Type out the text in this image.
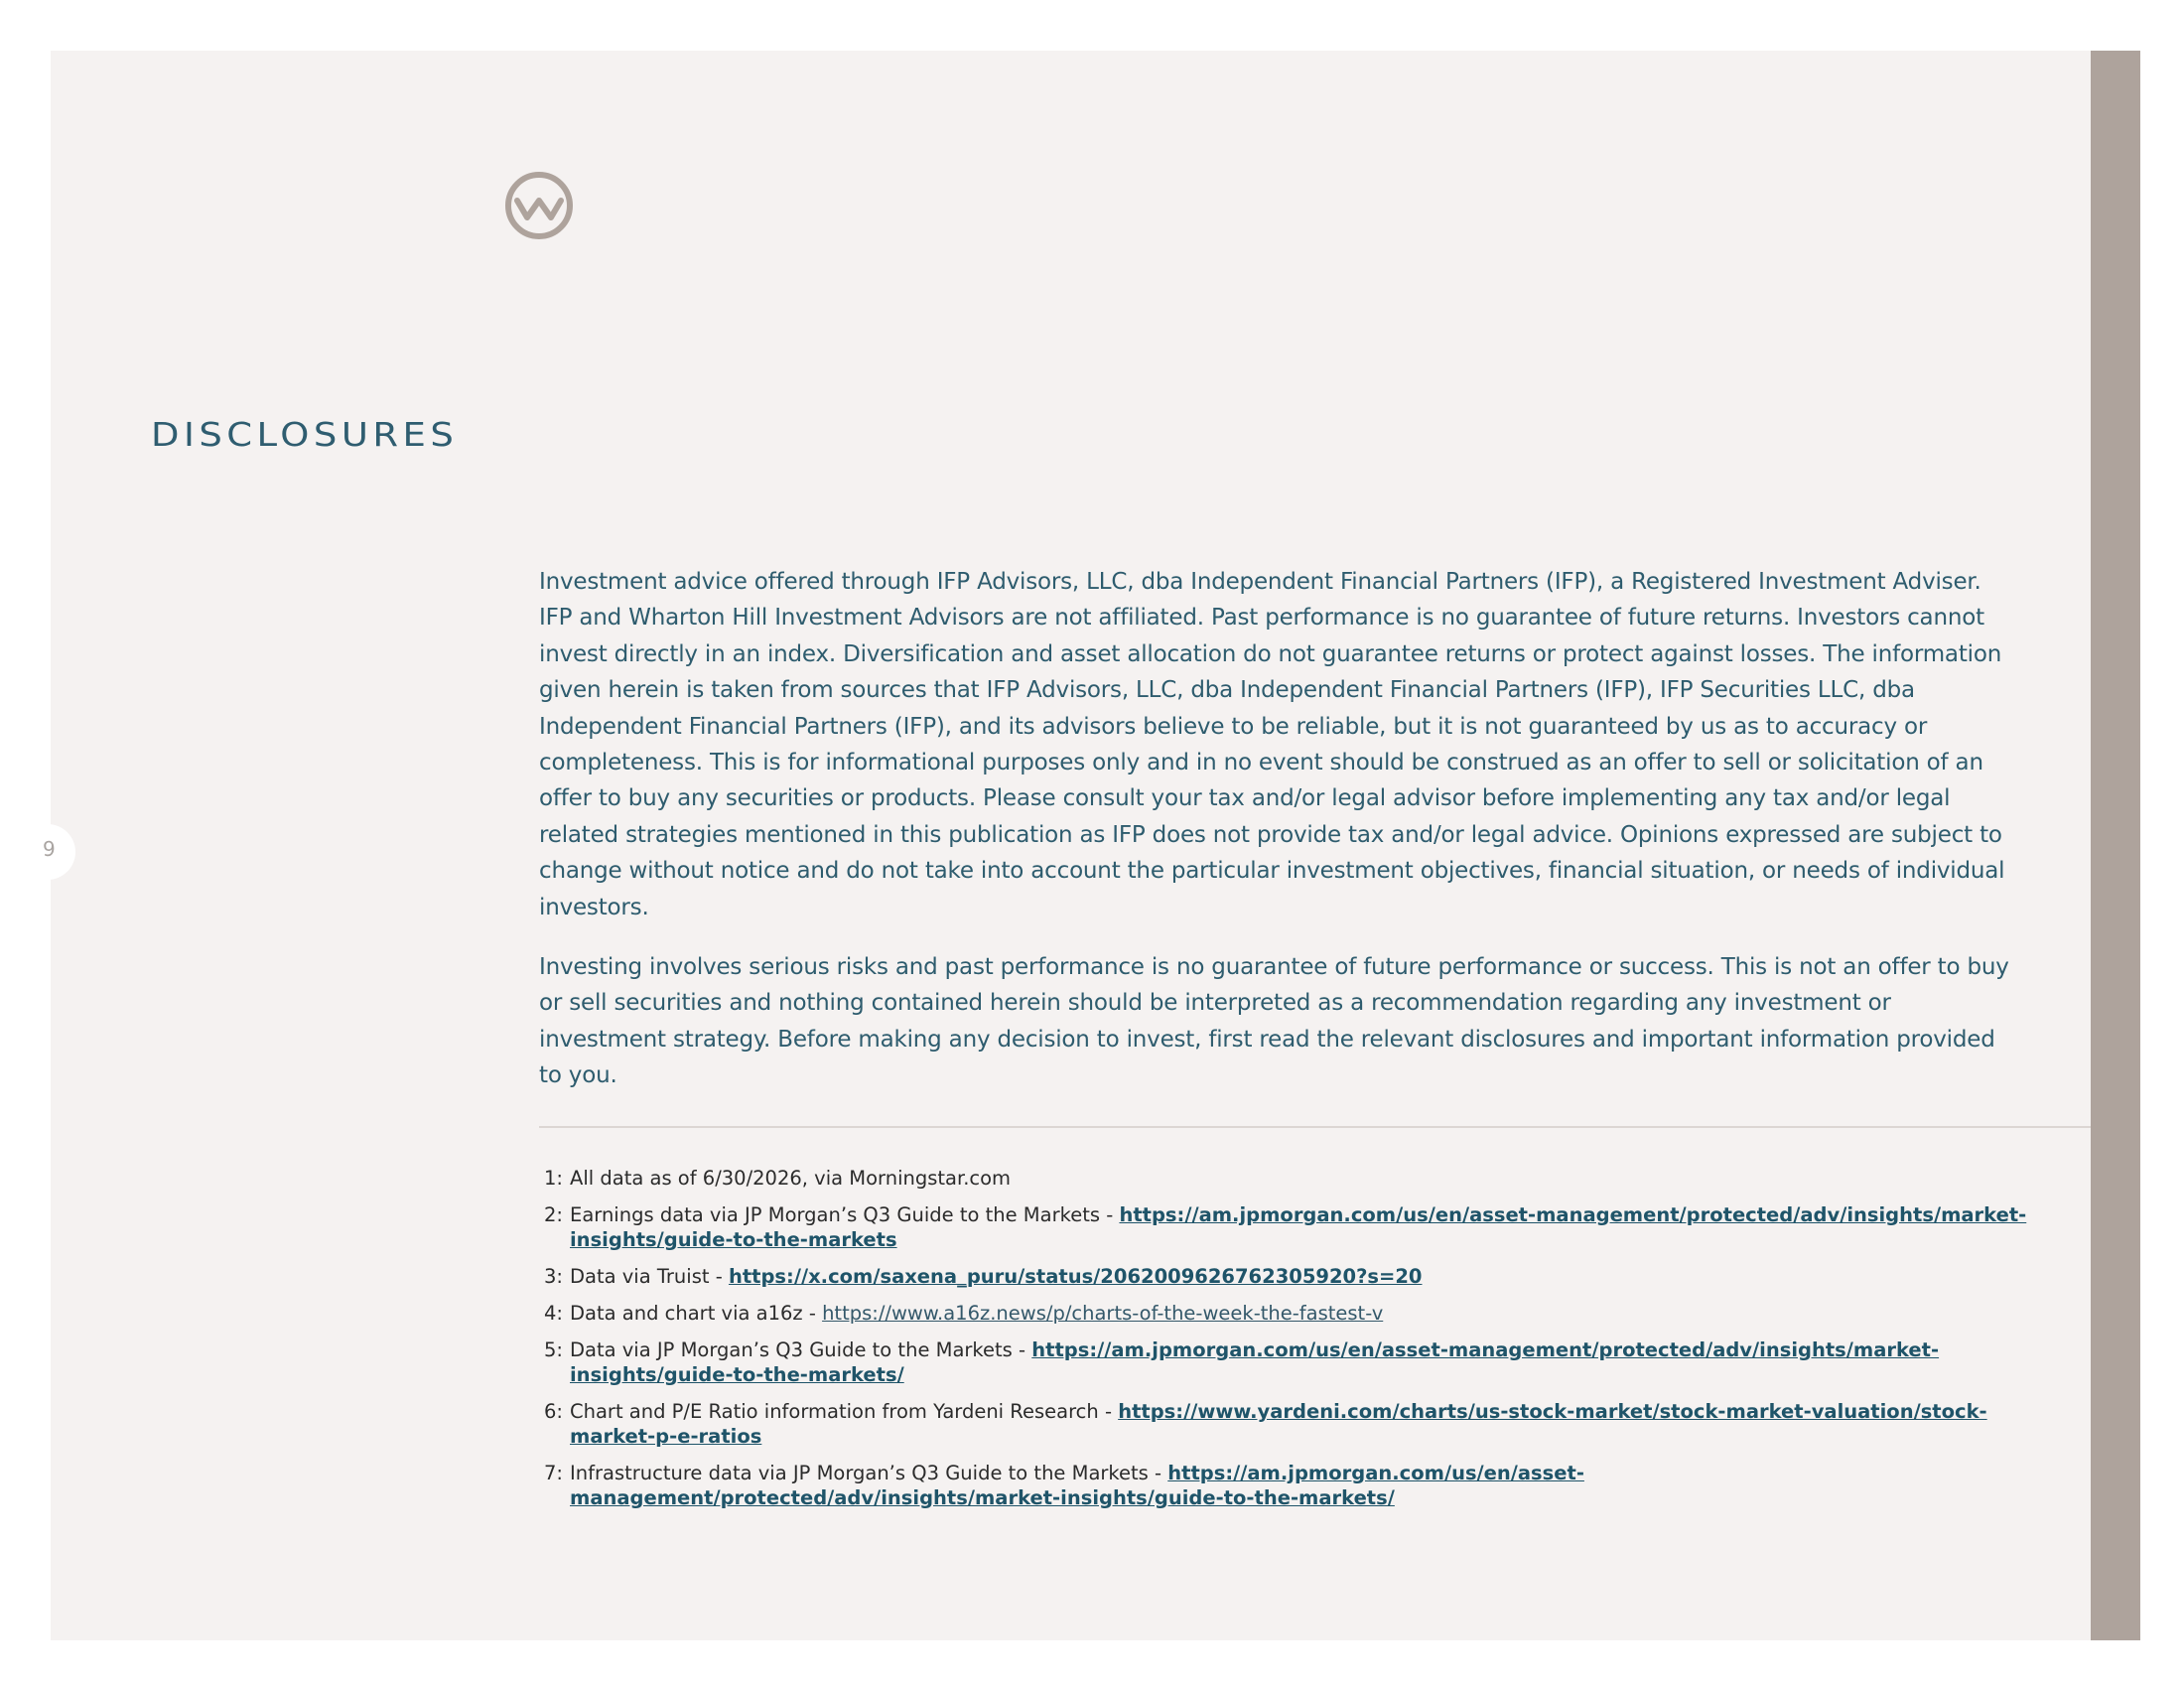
DISCLOSURES
9

Investment advice offered through IFP Advisors, LLC, dba Independent Financial Partners (IFP), a Registered Investment Adviser. IFP and Wharton Hill Investment Advisors are not affiliated. Past performance is no guarantee of future returns. Investors cannot invest directly in an index. Diversification and asset allocation do not guarantee returns or protect against losses. The information given herein is taken from sources that IFP Advisors, LLC, dba Independent Financial Partners (IFP), IFP Securities LLC, dba Independent Financial Partners (IFP), and its advisors believe to be reliable, but it is not guaranteed by us as to accuracy or completeness. This is for informational purposes only and in no event should be construed as an offer to sell or solicitation of an offer to buy any securities or products. Please consult your tax and/or legal advisor before implementing any tax and/or legal related strategies mentioned in this publication as IFP does not provide tax and/or legal advice. Opinions expressed are subject to change without notice and do not take into account the particular investment objectives, financial situation, or needs of individual investors.

Investing involves serious risks and past performance is no guarantee of future performance or success. This is not an offer to buy or sell securities and nothing contained herein should be interpreted as a recommendation regarding any investment or investment strategy. Before making any decision to invest, first read the relevant disclosures and important information provided to you.

1: All data as of 6/30/2026, via Morningstar.com
2: Earnings data via JP Morgan’s Q3 Guide to the Markets - https://am.jpmorgan.com/us/en/asset-management/protected/adv/insights/market-insights/guide-to-the-markets
3: Data via Truist - https://x.com/saxena_puru/status/2062009626762305920?s=20
4: Data and chart via a16z - https://www.a16z.news/p/charts-of-the-week-the-fastest-v
5: Data via JP Morgan’s Q3 Guide to the Markets - https://am.jpmorgan.com/us/en/asset-management/protected/adv/insights/market-insights/guide-to-the-markets/
6: Chart and P/E Ratio information from Yardeni Research - https://www.yardeni.com/charts/us-stock-market/stock-market-valuation/stock-market-p-e-ratios
7: Infrastructure data via JP Morgan’s Q3 Guide to the Markets - https://am.jpmorgan.com/us/en/asset-management/protected/adv/insights/market-insights/guide-to-the-markets/
